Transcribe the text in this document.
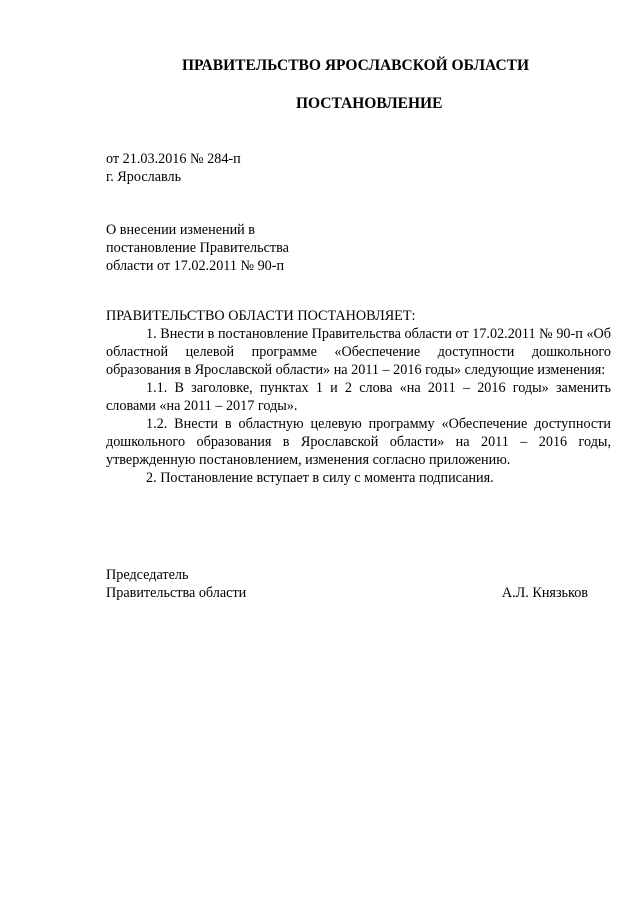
ПРАВИТЕЛЬСТВО ЯРОСЛАВСКОЙ ОБЛАСТИ
ПОСТАНОВЛЕНИЕ
от 21.03.2016 № 284-п
г. Ярославль
О внесении изменений в
постановление Правительства
области от 17.02.2011 № 90-п

ПРАВИТЕЛЬСТВО ОБЛАСТИ ПОСТАНОВЛЯЕТ:

1. Внести в постановление Правительства области от 17.02.2011 № 90-п «Об областной целевой программе «Обеспечение доступности дошкольного образования в Ярославской области» на 2011 – 2016 годы» следующие изменения:

1.1. В заголовке, пунктах 1 и 2 слова «на 2011 – 2016 годы» заменить словами «на 2011 – 2017 годы».

1.2. Внести в областную целевую программу «Обеспечение доступности дошкольного образования в Ярославской области» на 2011 – 2016 годы, утвержденную постановлением, изменения согласно приложению.

2. Постановление вступает в силу с момента подписания.

Председатель
Правительства области	А.Л. Князьков
